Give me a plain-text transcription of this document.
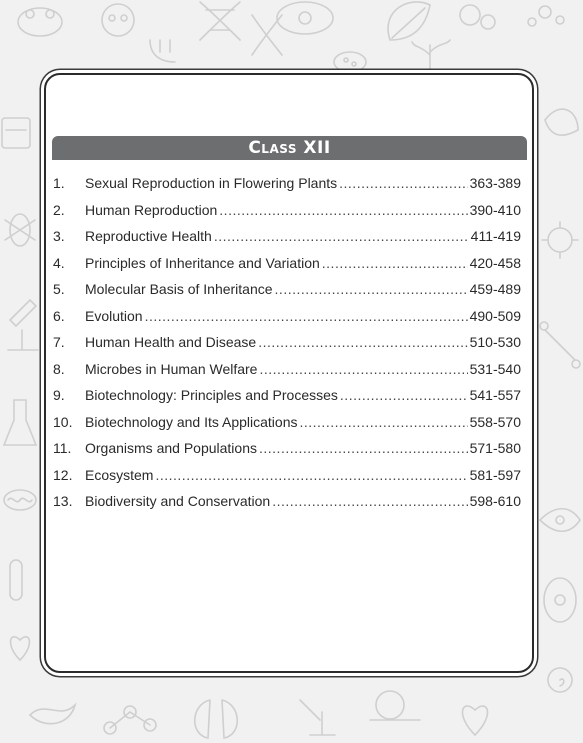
Class XII
1.	Sexual Reproduction in Flowering Plants .....	363-389
2.	Human Reproduction .....	390-410
3.	Reproductive Health .....	411-419
4.	Principles of Inheritance and Variation .....	420-458
5.	Molecular Basis of Inheritance .....	459-489
6.	Evolution .....	490-509
7.	Human Health and Disease .....	510-530
8.	Microbes in Human Welfare .....	531-540
9.	Biotechnology: Principles and Processes .....	541-557
10. Biotechnology and Its Applications .....	558-570
11. Organisms and Populations .....	571-580
12. Ecosystem .....	581-597
13. Biodiversity and Conservation .....	598-610
